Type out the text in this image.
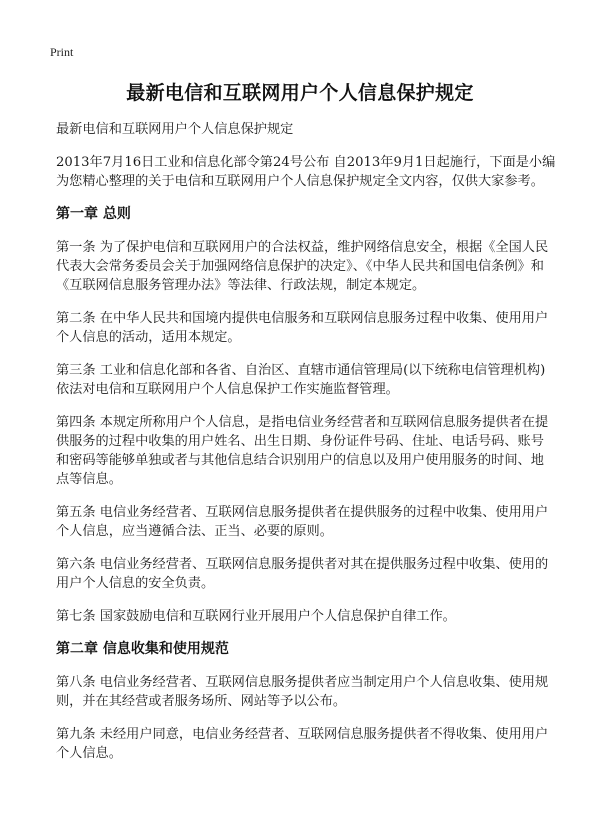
Print
最新电信和互联网用户个人信息保护规定

最新电信和互联网用户个人信息保护规定

2013年7月16日工业和信息化部令第24号公布 自2013年9月1日起施行，下面是小编为您精心整理的关于电信和互联网用户个人信息保护规定全文内容，仅供大家参考。

第一章 总则

第一条 为了保护电信和互联网用户的合法权益，维护网络信息安全，根据《全国人民代表大会常务委员会关于加强网络信息保护的决定》、《中华人民共和国电信条例》和《互联网信息服务管理办法》等法律、行政法规，制定本规定。

第二条 在中华人民共和国境内提供电信服务和互联网信息服务过程中收集、使用用户个人信息的活动，适用本规定。

第三条 工业和信息化部和各省、自治区、直辖市通信管理局(以下统称电信管理机构)依法对电信和互联网用户个人信息保护工作实施监督管理。

第四条 本规定所称用户个人信息，是指电信业务经营者和互联网信息服务提供者在提供服务的过程中收集的用户姓名、出生日期、身份证件号码、住址、电话号码、账号和密码等能够单独或者与其他信息结合识别用户的信息以及用户使用服务的时间、地点等信息。

第五条 电信业务经营者、互联网信息服务提供者在提供服务的过程中收集、使用用户个人信息，应当遵循合法、正当、必要的原则。

第六条 电信业务经营者、互联网信息服务提供者对其在提供服务过程中收集、使用的用户个人信息的安全负责。

第七条 国家鼓励电信和互联网行业开展用户个人信息保护自律工作。

第二章 信息收集和使用规范

第八条 电信业务经营者、互联网信息服务提供者应当制定用户个人信息收集、使用规则，并在其经营或者服务场所、网站等予以公布。

第九条 未经用户同意，电信业务经营者、互联网信息服务提供者不得收集、使用用户个人信息。
